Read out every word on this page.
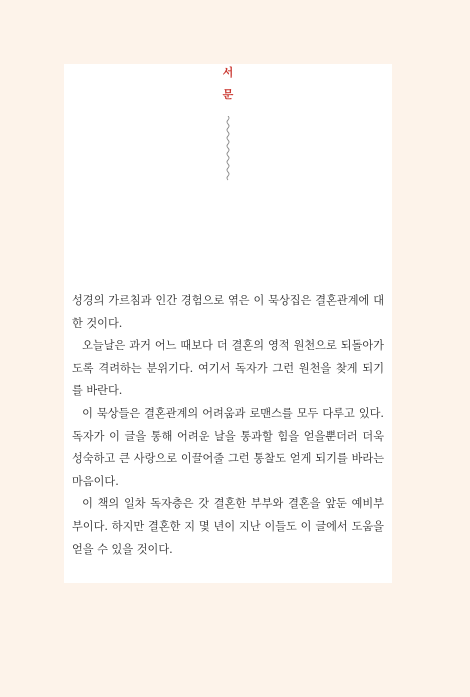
서
문

성경의 가르침과 인간 경험으로 엮은 이 묵상집은 결혼관계에 대한 것이다.

오늘날은 과거 어느 때보다 더 결혼의 영적 원천으로 되돌아가도록 격려하는 분위기다. 여기서 독자가 그런 원천을 찾게 되기를 바란다.

이 묵상들은 결혼관계의 어려움과 로맨스를 모두 다루고 있다. 독자가 이 글을 통해 어려운 날을 통과할 힘을 얻을뿐더러 더욱 성숙하고 큰 사랑으로 이끌어줄 그런 통찰도 얻게 되기를 바라는 마음이다.

이 책의 일차 독자층은 갓 결혼한 부부와 결혼을 앞둔 예비부부이다. 하지만 결혼한 지 몇 년이 지난 이들도 이 글에서 도움을 얻을 수 있을 것이다.
